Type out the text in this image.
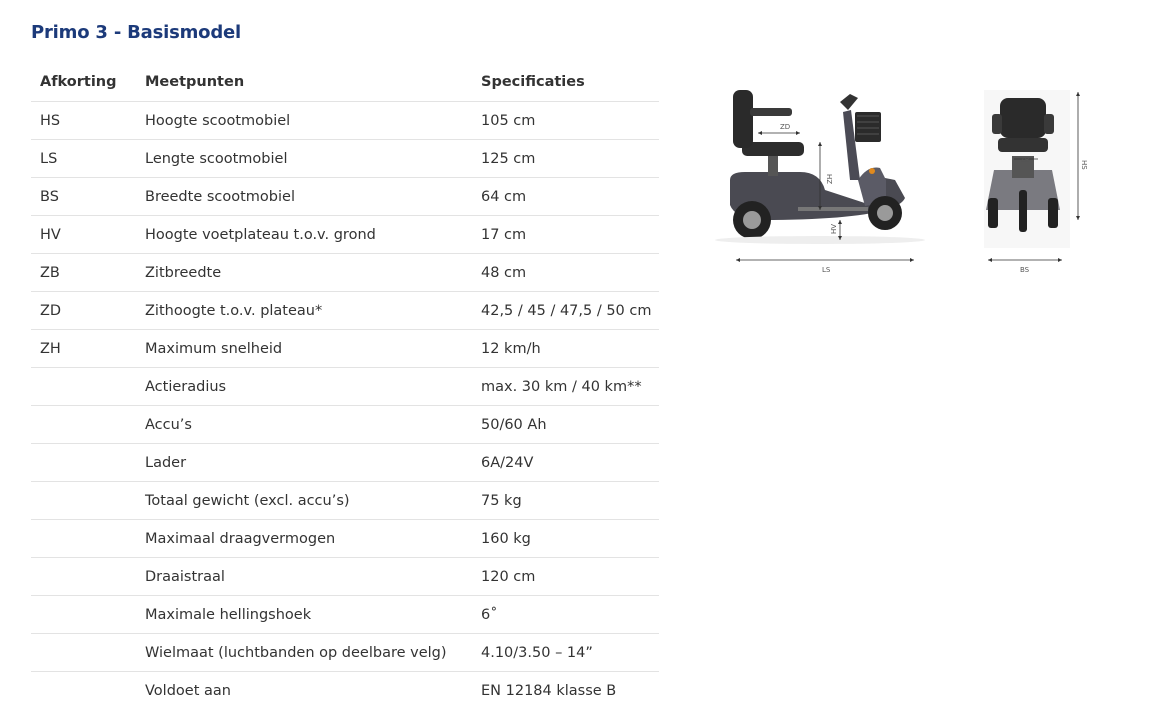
Primo 3 - Basismodel
Afkorting	Meetpunten	Specificaties
HS	Hoogte scootmobiel	105 cm
LS	Lengte scootmobiel	125 cm
BS	Breedte scootmobiel	64 cm
HV	Hoogte voetplateau t.o.v. grond	17 cm
ZB	Zitbreedte	48 cm
ZD	Zithoogte t.o.v. plateau*	42,5 / 45 / 47,5 / 50 cm
ZH	Maximum snelheid	12 km/h
	Actieradius	max. 30 km / 40 km**
	Accu’s	50/60 Ah
	Lader	6A/24V
	Totaal gewicht (excl. accu’s)	75 kg
	Maximaal draagvermogen	160 kg
	Draaistraal	120 cm
	Maximale hellingshoek	6˚
	Wielmaat (luchtbanden op deelbare velg)	4.10/3.50 – 14”
	Voldoet aan	EN 12184 klasse B
ZD
ZH
HV
LS
ZB	HS
BS
